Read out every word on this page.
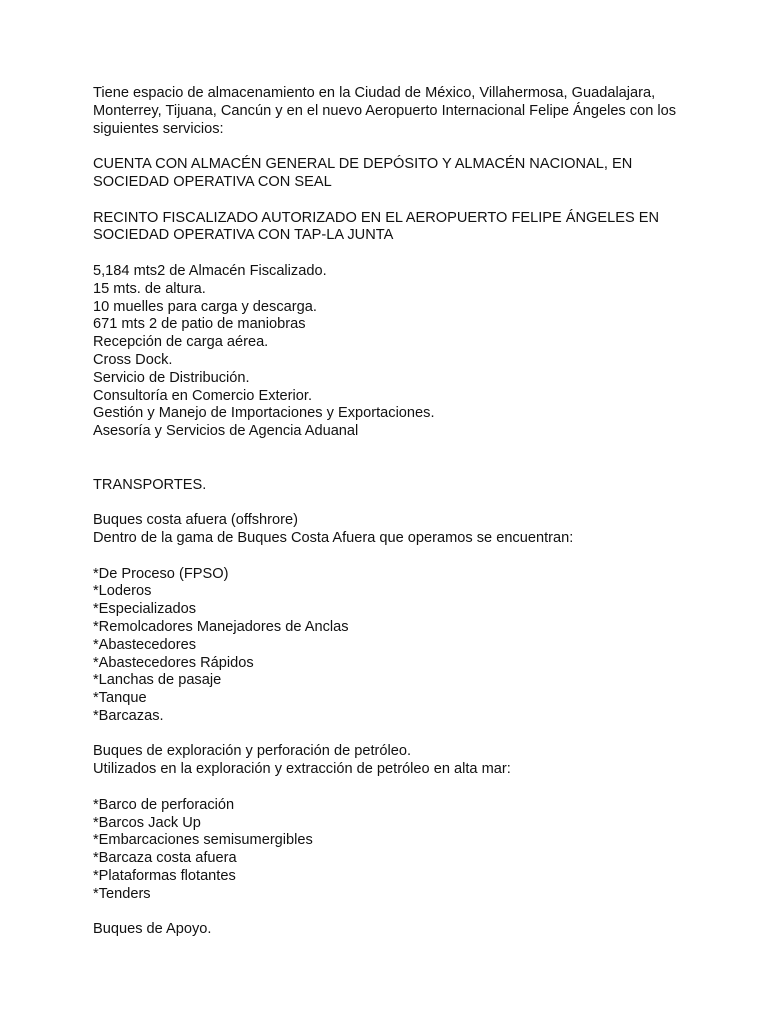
Tiene espacio de almacenamiento en la Ciudad de México, Villahermosa, Guadalajara,
Monterrey, Tijuana, Cancún y en el nuevo Aeropuerto Internacional Felipe Ángeles con los
siguientes servicios:
CUENTA CON ALMACÉN GENERAL DE DEPÓSITO Y ALMACÉN NACIONAL, EN
SOCIEDAD OPERATIVA CON SEAL
RECINTO FISCALIZADO AUTORIZADO EN EL AEROPUERTO FELIPE ÁNGELES EN
SOCIEDAD OPERATIVA CON TAP-LA JUNTA
5,184 mts2 de Almacén Fiscalizado.
15 mts. de altura.
10 muelles para carga y descarga.
671 mts 2 de patio de maniobras
Recepción de carga aérea.
Cross Dock.
Servicio de Distribución.
Consultoría en Comercio Exterior.
Gestión y Manejo de Importaciones y Exportaciones.
Asesoría y Servicios de Agencia Aduanal
TRANSPORTES.
Buques costa afuera (offshrore)
Dentro de la gama de Buques Costa Afuera que operamos se encuentran:
*De Proceso (FPSO)
*Loderos
*Especializados
*Remolcadores Manejadores de Anclas
*Abastecedores
*Abastecedores Rápidos
*Lanchas de pasaje
*Tanque
*Barcazas.
Buques de exploración y perforación de petróleo.
Utilizados en la exploración y extracción de petróleo en alta mar:
*Barco de perforación
*Barcos Jack Up
*Embarcaciones semisumergibles
*Barcaza costa afuera
*Plataformas flotantes
*Tenders
Buques de Apoyo.
